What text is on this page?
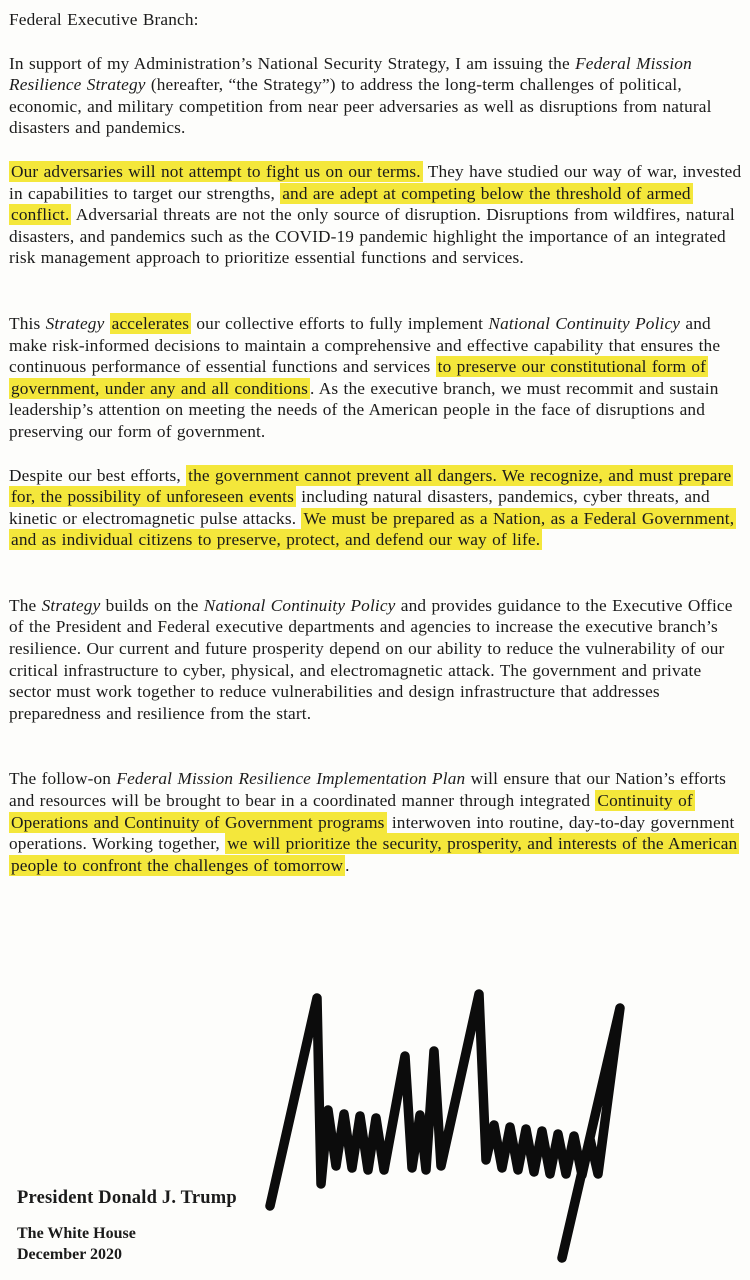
Federal Executive Branch:

In support of my Administration’s National Security Strategy, I am issuing the Federal Mission Resilience Strategy (hereafter, “the Strategy”) to address the long-term challenges of political, economic, and military competition from near peer adversaries as well as disruptions from natural disasters and pandemics.

Our adversaries will not attempt to fight us on our terms. They have studied our way of war, invested in capabilities to target our strengths, and are adept at competing below the threshold of armed conflict. Adversarial threats are not the only source of disruption. Disruptions from wildfires, natural disasters, and pandemics such as the COVID-19 pandemic highlight the importance of an integrated risk management approach to prioritize essential functions and services.

This Strategy accelerates our collective efforts to fully implement National Continuity Policy and make risk-informed decisions to maintain a comprehensive and effective capability that ensures the continuous performance of essential functions and services to preserve our constitutional form of government, under any and all conditions . As the executive branch, we must recommit and sustain leadership’s attention on meeting the needs of the American people in the face of disruptions and preserving our form of government.

Despite our best efforts, the government cannot prevent all dangers. We recognize, and must prepare for, the possibility of unforeseen events including natural disasters, pandemics, cyber threats, and kinetic or electromagnetic pulse attacks. We must be prepared as a Nation, as a Federal Government, and as individual citizens to preserve, protect, and defend our way of life.

The Strategy builds on the National Continuity Policy and provides guidance to the Executive Office of the President and Federal executive departments and agencies to increase the executive branch’s resilience. Our current and future prosperity depend on our ability to reduce the vulnerability of our critical infrastructure to cyber, physical, and electromagnetic attack. The government and private sector must work together to reduce vulnerabilities and design infrastructure that addresses preparedness and resilience from the start.

The follow-on Federal Mission Resilience Implementation Plan will ensure that our Nation’s efforts and resources will be brought to bear in a coordinated manner through integrated Continuity of Operations and Continuity of Government programs interwoven into routine, day-to-day government operations. Working together, we will prioritize the security, prosperity, and interests of the American people to confront the challenges of tomorrow .

President Donald J. Trump
The White House
December 2020
